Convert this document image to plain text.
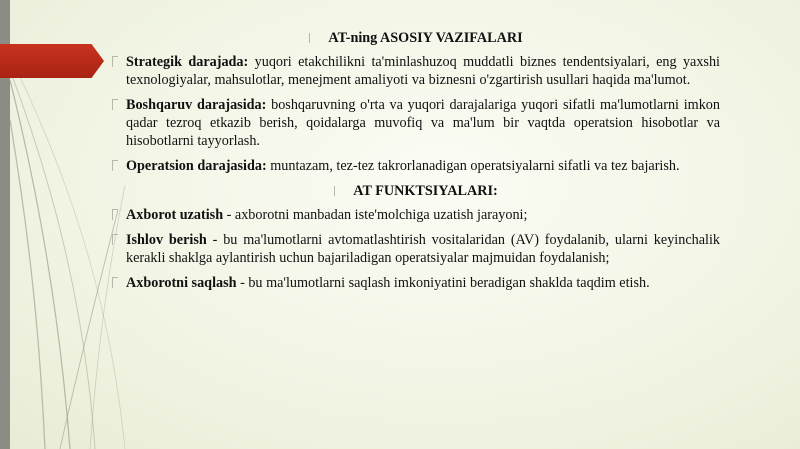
AT-ning ASOSIY VAZIFALARI
Strategik darajada: yuqori etakchilikni ta'minlashuzoq muddatli biznes tendentsiyalari, eng yaxshi texnologiyalar, mahsulotlar, menejment amaliyoti va biznesni o'zgartirish usullari haqida ma'lumot.
Boshqaruv darajasida: boshqaruvning o'rta va yuqori darajalariga yuqori sifatli ma'lumotlarni imkon qadar tezroq etkazib berish, qoidalarga muvofiq va ma'lum bir vaqtda operatsion hisobotlar va hisobotlarni tayyorlash.
Operatsion darajasida: muntazam, tez-tez takrorlanadigan operatsiyalarni sifatli va tez bajarish.
AT FUNKTSIYALARI:
Axborot uzatish - axborotni manbadan iste'molchiga uzatish jarayoni;
Ishlov berish - bu ma'lumotlarni avtomatlashtirish vositalaridan (AV) foydalanib, ularni keyinchalik kerakli shaklga aylantirish uchun bajariladigan operatsiyalar majmuidan foydalanish;
Axborotni saqlash - bu ma'lumotlarni saqlash imkoniyatini beradigan shaklda taqdim etish.
